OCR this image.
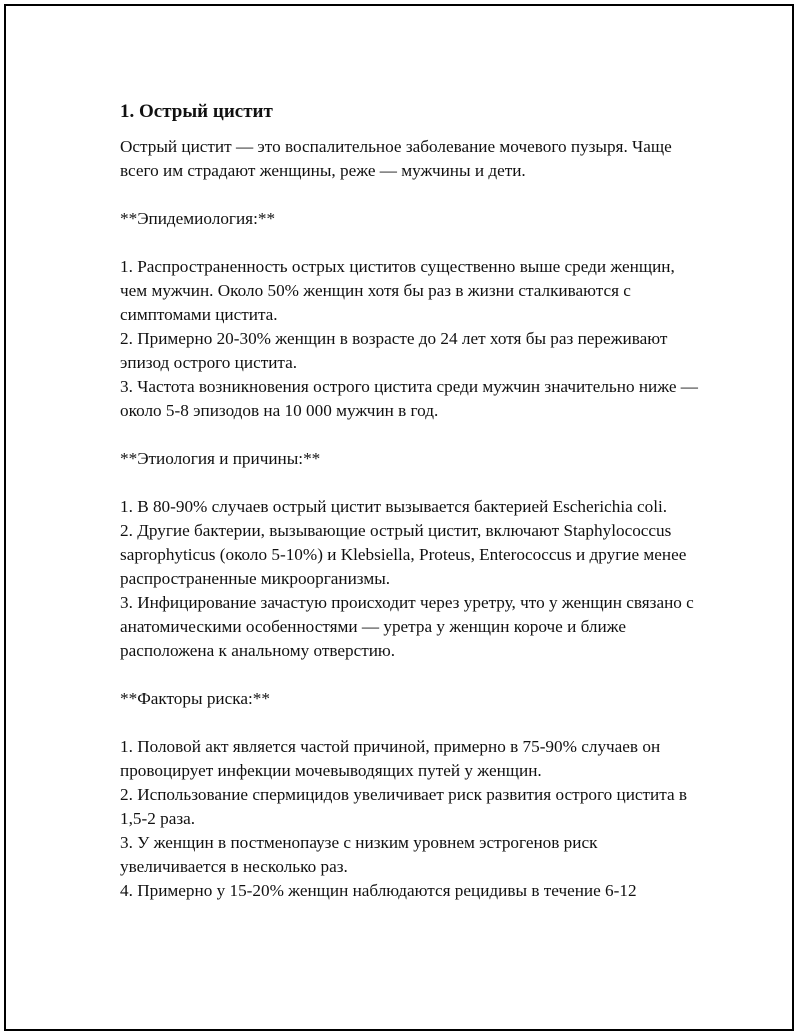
1. Острый цистит
Острый цистит — это воспалительное заболевание мочевого пузыря. Чаще всего им страдают женщины, реже — мужчины и дети.
**Эпидемиология:**
1. Распространенность острых циститов существенно выше среди женщин, чем мужчин. Около 50% женщин хотя бы раз в жизни сталкиваются с симптомами цистита.
2. Примерно 20-30% женщин в возрасте до 24 лет хотя бы раз переживают эпизод острого цистита.
3. Частота возникновения острого цистита среди мужчин значительно ниже — около 5-8 эпизодов на 10 000 мужчин в год.
**Этиология и причины:**
1. В 80-90% случаев острый цистит вызывается бактерией Escherichia coli.
2. Другие бактерии, вызывающие острый цистит, включают Staphylococcus saprophyticus (около 5-10%) и Klebsiella, Proteus, Enterococcus и другие менее распространенные микроорганизмы.
3. Инфицирование зачастую происходит через уретру, что у женщин связано с анатомическими особенностями — уретра у женщин короче и ближе расположена к анальному отверстию.
**Факторы риска:**
1. Половой акт является частой причиной, примерно в 75-90% случаев он провоцирует инфекции мочевыводящих путей у женщин.
2. Использование спермицидов увеличивает риск развития острого цистита в 1,5-2 раза.
3. У женщин в постменопаузе с низким уровнем эстрогенов риск увеличивается в несколько раз.
4. Примерно у 15-20% женщин наблюдаются рецидивы в течение 6-12
